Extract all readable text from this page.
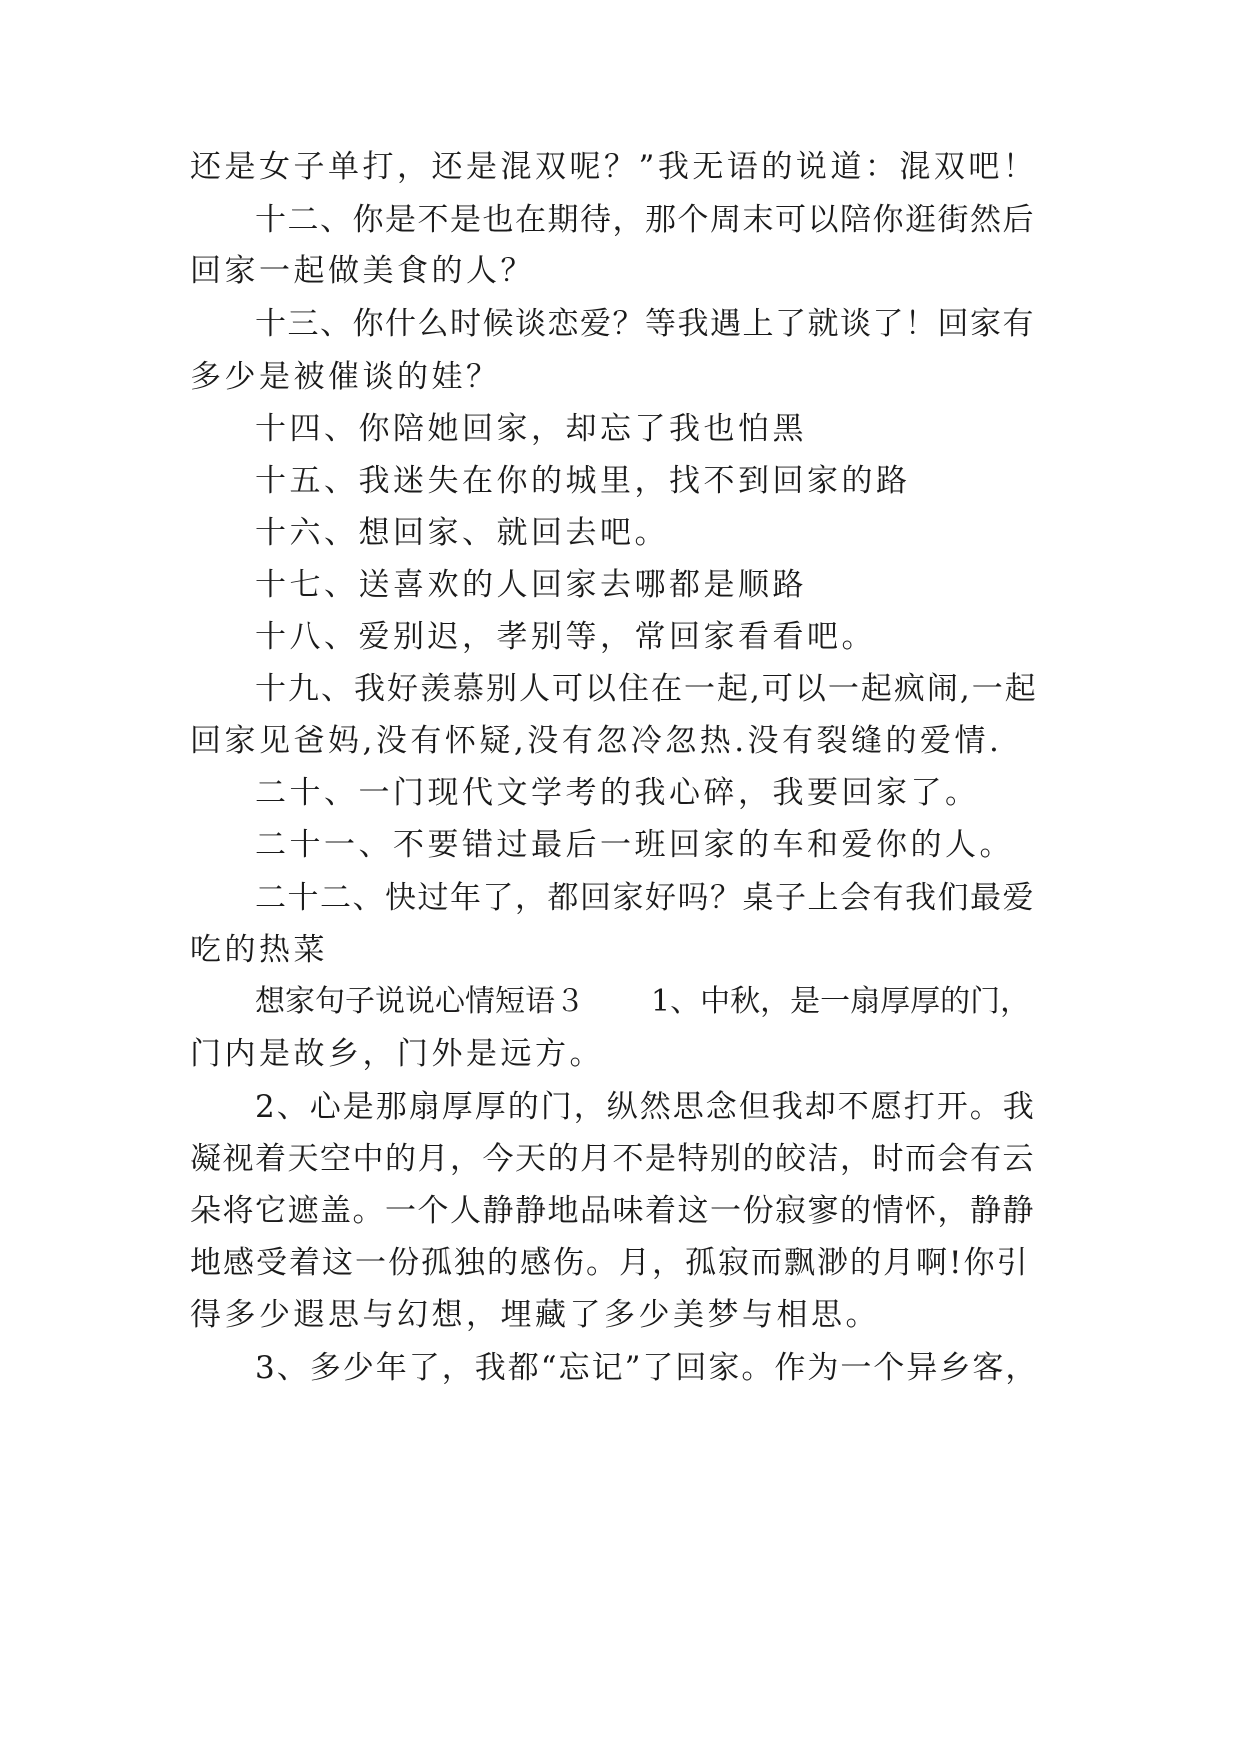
还是女子单打，还是混双呢？”我无语的说道：混双吧！
十二、你是不是也在期待，那个周末可以陪你逛街然后
回家一起做美食的人？
十三、你什么时候谈恋爱？等我遇上了就谈了！回家有
多少是被催谈的娃？
十四、你陪她回家，却忘了我也怕黑
十五、我迷失在你的城里，找不到回家的路
十六、想回家、就回去吧。
十七、送喜欢的人回家去哪都是顺路
十八、爱别迟，孝别等，常回家看看吧。
十九、我好羡慕别人可以住在一起,可以一起疯闹,一起
回家见爸妈,没有怀疑,没有忽冷忽热.没有裂缝的爱情.
二十、一门现代文学考的我心碎，我要回家了。
二十一、不要错过最后一班回家的车和爱你的人。
二十二、快过年了，都回家好吗？桌子上会有我们最爱
吃的热菜
想家句子说说心情短语３ 1、中秋，是一扇厚厚的门，
门内是故乡，门外是远方。
2、心是那扇厚厚的门，纵然思念但我却不愿打开。我
凝视着天空中的月，今天的月不是特别的皎洁，时而会有云
朵将它遮盖。一个人静静地品味着这一份寂寥的情怀，静静
地感受着这一份孤独的感伤。月，孤寂而飘渺的月啊!你引
得多少遐思与幻想，埋藏了多少美梦与相思。
3、多少年了，我都“忘记”了回家。作为一个异乡客，
